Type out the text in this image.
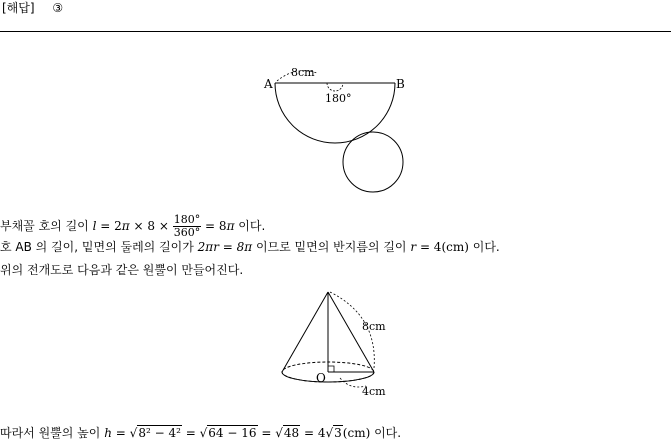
[해답] ③
A	B
8cm
180°
부채꼴 호의 길이 $l = 2\pi \times 8 \times \frac{180^\circ}{360^\circ} = 8\pi$ 이다.
호 AB 의 길이, 밑면의 둘레의 길이가 2πr = 8π 이므로 밑면의 반지름의 길이 r = 4(cm) 이다.
위의 전개도로 다음과 같은 원뿔이 만들어진다.
8cm
4cm
O
따라서 원뿔의 높이 h = √8² − 4² = √64 − 16 = √48 = 4√3(cm) 이다.
